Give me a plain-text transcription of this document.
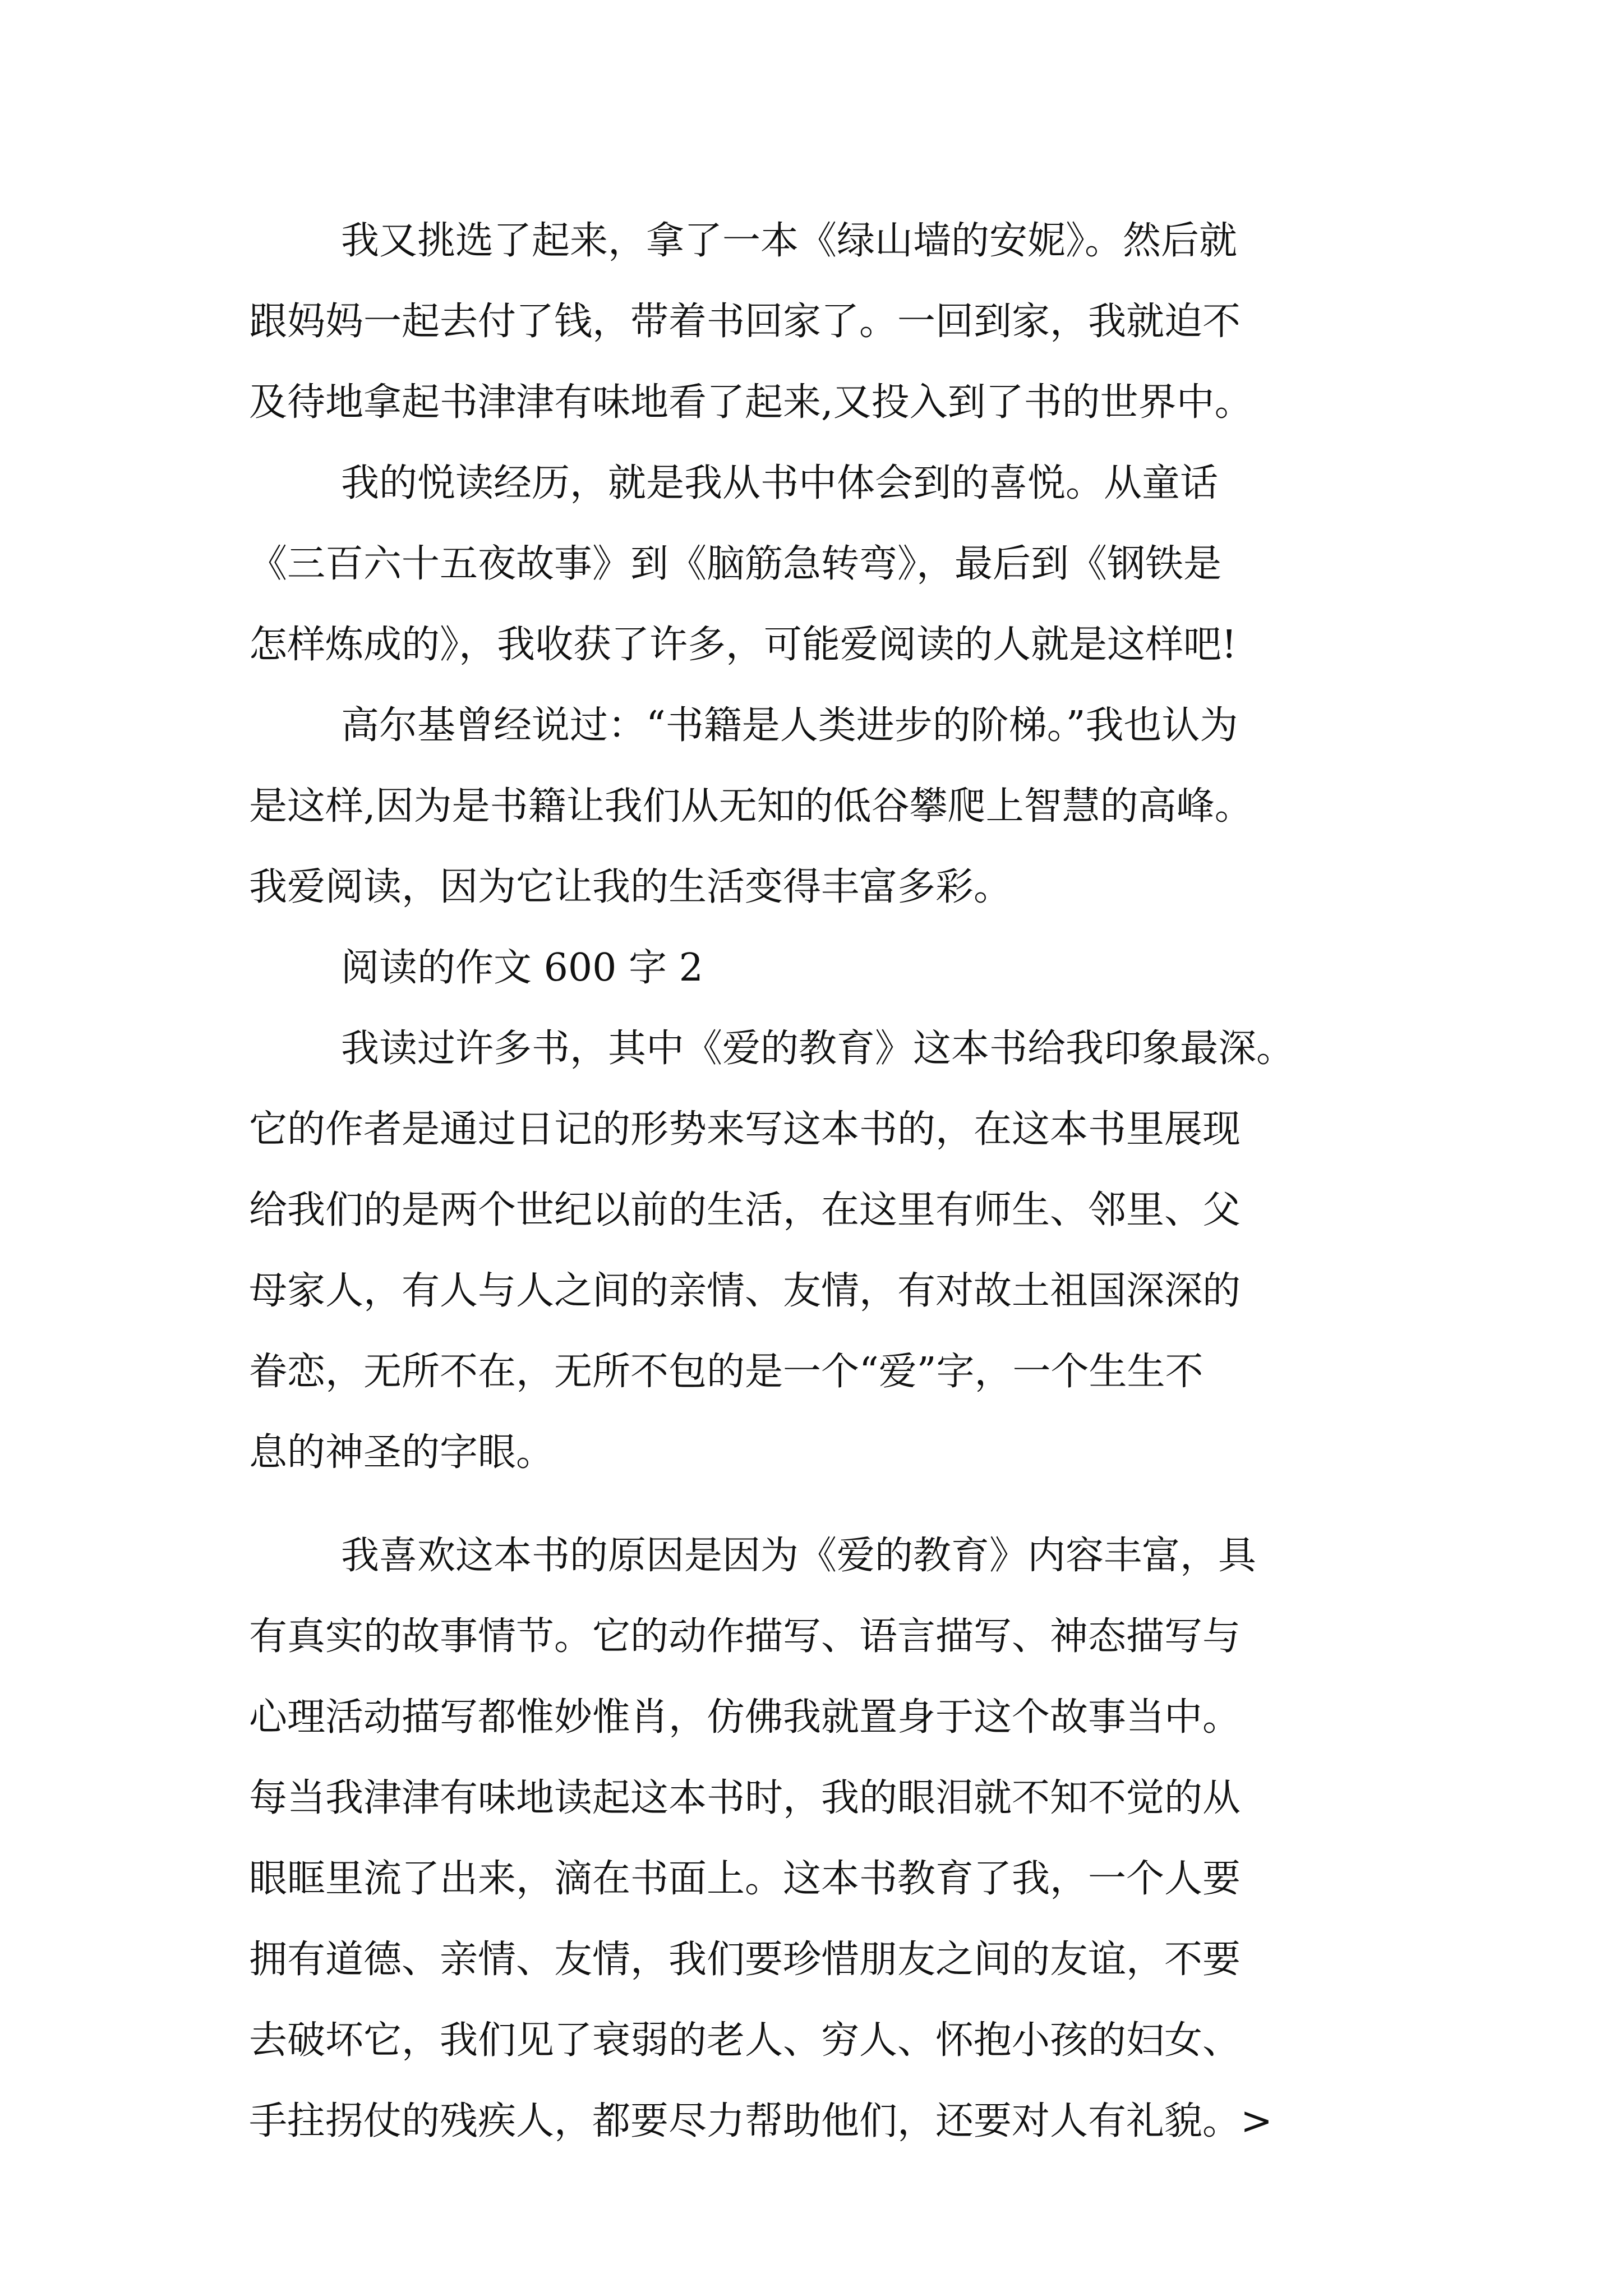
我又挑选了起来，拿了一本《绿山墙的安妮》。然后就
跟妈妈一起去付了钱，带着书回家了。一回到家，我就迫不
及待地拿起书津津有味地看了起来,又投入到了书的世界中。
我的悦读经历，就是我从书中体会到的喜悦。从童话
《三百六十五夜故事》到《脑筋急转弯》，最后到《钢铁是
怎样炼成的》，我收获了许多，可能爱阅读的人就是这样吧!
高尔基曾经说过：“书籍是人类进步的阶梯。”我也认为
是这样,因为是书籍让我们从无知的低谷攀爬上智慧的高峰。
我爱阅读，因为它让我的生活变得丰富多彩。
阅读的作文 600 字 2
我读过许多书，其中《爱的教育》这本书给我印象最深。
它的作者是通过日记的形势来写这本书的，在这本书里展现
给我们的是两个世纪以前的生活，在这里有师生、邻里、父
母家人，有人与人之间的亲情、友情，有对故土祖国深深的
眷恋，无所不在，无所不包的是一个“爱”字，一个生生不
息的神圣的字眼。
我喜欢这本书的原因是因为《爱的教育》内容丰富，具
有真实的故事情节。它的动作描写、语言描写、神态描写与
心理活动描写都惟妙惟肖，仿佛我就置身于这个故事当中。
每当我津津有味地读起这本书时，我的眼泪就不知不觉的从
眼眶里流了出来，滴在书面上。这本书教育了我，一个人要
拥有道德、亲情、友情，我们要珍惜朋友之间的友谊，不要
去破坏它，我们见了衰弱的老人、穷人、怀抱小孩的妇女、
手拄拐仗的残疾人，都要尽力帮助他们，还要对人有礼貌。>
